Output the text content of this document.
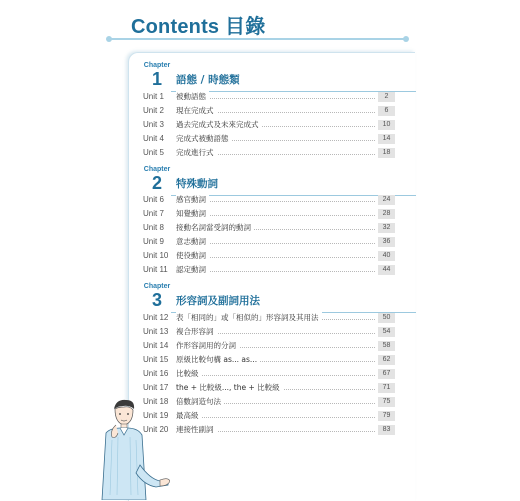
Contents 目錄
Chapter
1	語態 / 時態類
Unit 1 被動語態	2
Unit 2 現在完成式	6
Unit 3 過去完成式及未來完成式	10
Unit 4 完成式被動語態	14
Unit 5 完成進行式	18
Chapter
2	特殊動詞
Unit 6 感官動詞	24
Unit 7 知覺動詞	28
Unit 8 接動名詞當受詞的動詞	32
Unit 9 意志動詞	36
Unit 10 使役動詞	40
Unit 11 認定動詞	44
Chapter
3	形容詞及副詞用法
Unit 12 表「相同的」或「相似的」形容詞及其用法	50
Unit 13 複合形容詞	54
Unit 14 作形容詞用的分詞	58
Unit 15 原級比較句構 as... as...	62
Unit 16 比較級	67
Unit 17 the + 比較級..., the + 比較級	71
Unit 18 倍數詞造句法	75
Unit 19 最高級	79
Unit 20 連接性副詞	83
